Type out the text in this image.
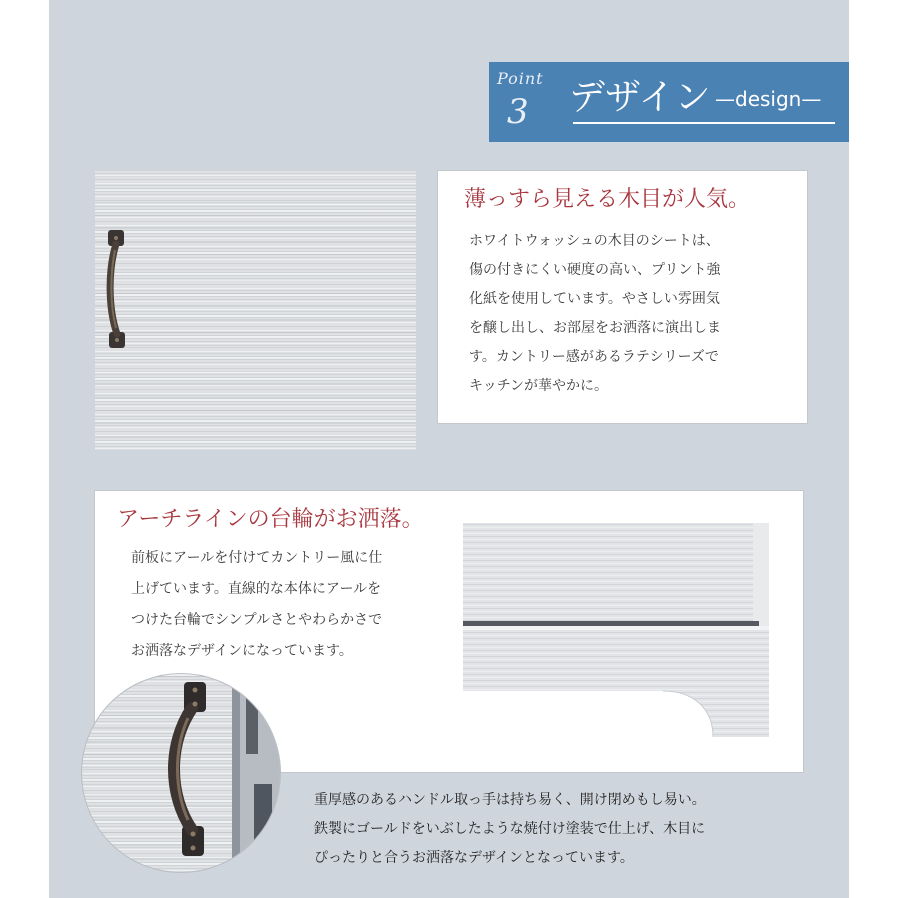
Point
3 デザイン —design—
薄っすら見える木目が人気。
ホワイトウォッシュの木目のシートは、
傷の付きにくい硬度の高い、プリント強
化紙を使用しています。やさしい雰囲気
を醸し出し、お部屋をお洒落に演出しま
す。カントリー感があるラテシリーズで
キッチンが華やかに。
アーチラインの台輪がお洒落。
前板にアールを付けてカントリー風に仕
上げています。直線的な本体にアールを
つけた台輪でシンプルさとやわらかさで
お洒落なデザインになっています。
重厚感のあるハンドル取っ手は持ち易く、開け閉めもし易い。
鉄製にゴールドをいぶしたような焼付け塗装で仕上げ、木目に
ぴったりと合うお洒落なデザインとなっています。
